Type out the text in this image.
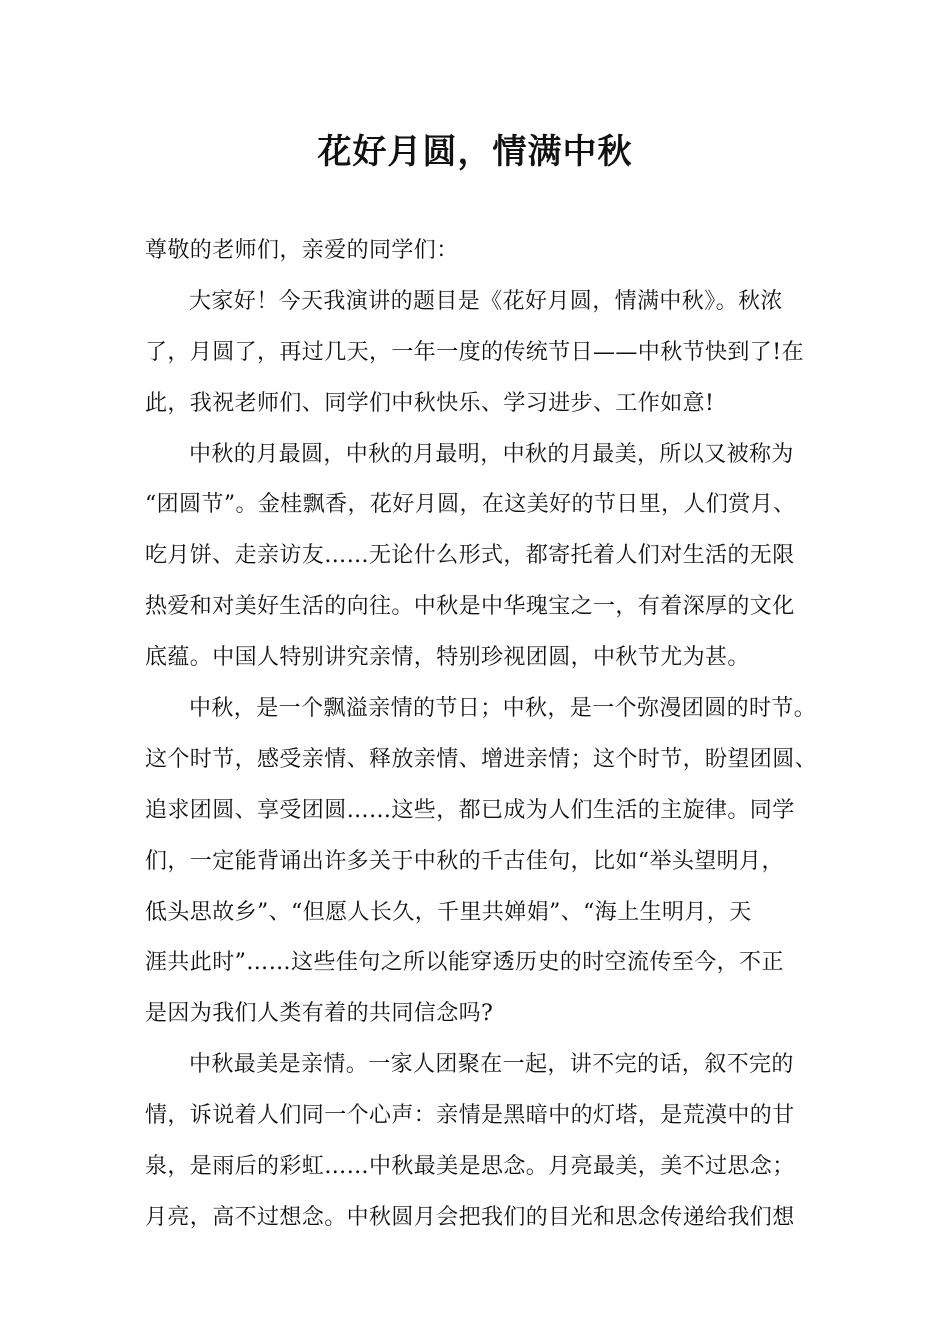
花好月圆，情满中秋
尊敬的老师们，亲爱的同学们：
大家好！今天我演讲的题目是《花好月圆，情满中秋》。秋浓
了，月圆了，再过几天，一年一度的传统节日——中秋节快到了!在
此，我祝老师们、同学们中秋快乐、学习进步、工作如意!
中秋的月最圆，中秋的月最明，中秋的月最美，所以又被称为
“团圆节”。金桂飘香，花好月圆，在这美好的节日里，人们赏月、
吃月饼、走亲访友……无论什么形式，都寄托着人们对生活的无限
热爱和对美好生活的向往。中秋是中华瑰宝之一，有着深厚的文化
底蕴。中国人特别讲究亲情，特别珍视团圆，中秋节尤为甚。
中秋，是一个飘溢亲情的节日；中秋，是一个弥漫团圆的时节。
这个时节，感受亲情、释放亲情、增进亲情；这个时节，盼望团圆、
追求团圆、享受团圆……这些，都已成为人们生活的主旋律。同学
们，一定能背诵出许多关于中秋的千古佳句，比如“举头望明月，
低头思故乡”、“但愿人长久，千里共婵娟”、“海上生明月，天
涯共此时”……这些佳句之所以能穿透历史的时空流传至今，不正
是因为我们人类有着的共同信念吗?
中秋最美是亲情。一家人团聚在一起，讲不完的话，叙不完的
情，诉说着人们同一个心声：亲情是黑暗中的灯塔，是荒漠中的甘
泉，是雨后的彩虹……中秋最美是思念。月亮最美，美不过思念；
月亮，高不过想念。中秋圆月会把我们的目光和思念传递给我们想
